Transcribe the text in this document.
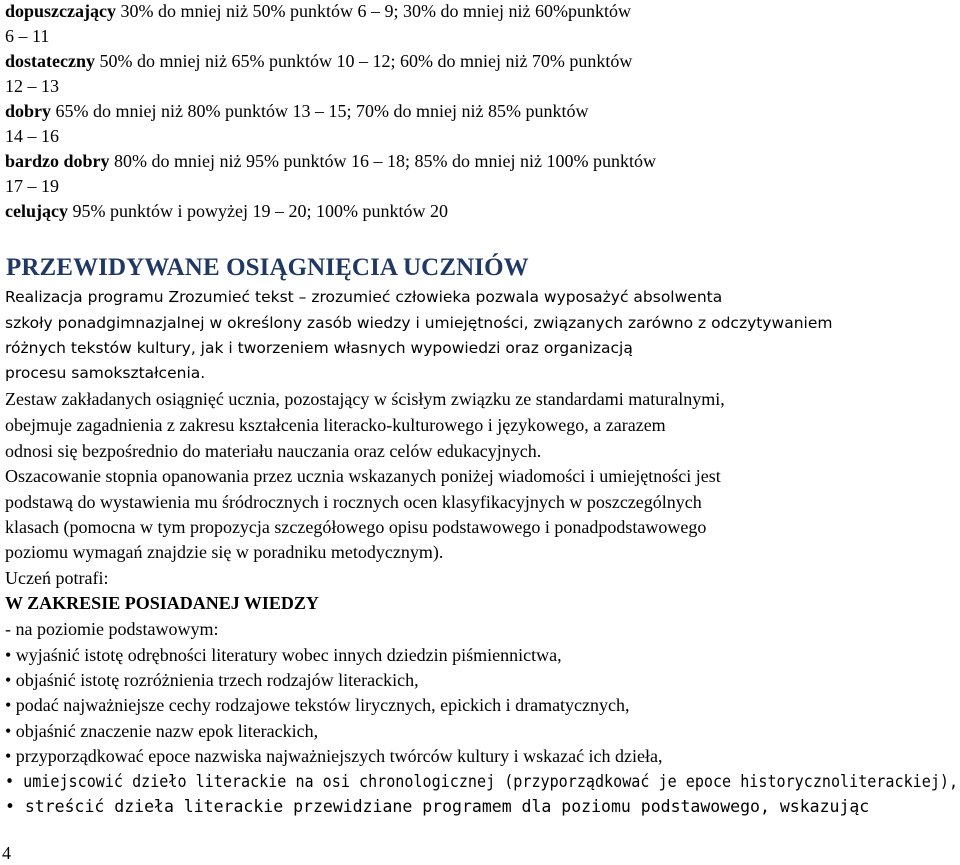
dopuszczający 30% do mniej niż 50% punktów 6 – 9; 30% do mniej niż 60%punktów
6 – 11
dostateczny 50% do mniej niż 65% punktów 10 – 12; 60% do mniej niż 70% punktów
12 – 13
dobry 65% do mniej niż 80% punktów 13 – 15; 70% do mniej niż 85% punktów
14 – 16
bardzo dobry 80% do mniej niż 95% punktów 16 – 18; 85% do mniej niż 100% punktów
17 – 19
celujący 95% punktów i powyżej 19 – 20; 100% punktów 20
PRZEWIDYWANE OSIĄGNIĘCIA UCZNIÓW
Realizacja programu Zrozumieć tekst – zrozumieć człowieka pozwala wyposażyć absolwenta
szkoły ponadgimnazjalnej w określony zasób wiedzy i umiejętności, związanych zarówno z odczytywaniem
różnych tekstów kultury, jak i tworzeniem własnych wypowiedzi oraz organizacją
procesu samokształcenia.
Zestaw zakładanych osiągnięć ucznia, pozostający w ścisłym związku ze standardami maturalnymi,
obejmuje zagadnienia z zakresu kształcenia literacko-kulturowego i językowego, a zarazem
odnosi się bezpośrednio do materiału nauczania oraz celów edukacyjnych.
Oszacowanie stopnia opanowania przez ucznia wskazanych poniżej wiadomości i umiejętności jest
podstawą do wystawienia mu śródrocznych i rocznych ocen klasyfikacyjnych w poszczególnych
klasach (pomocna w tym propozycja szczegółowego opisu podstawowego i ponadpodstawowego
poziomu wymagań znajdzie się w poradniku metodycznym).
Uczeń potrafi:
W ZAKRESIE POSIADANEJ WIEDZY
- na poziomie podstawowym:
• wyjaśnić istotę odrębności literatury wobec innych dziedzin piśmiennictwa,
• objaśnić istotę rozróżnienia trzech rodzajów literackich,
• podać najważniejsze cechy rodzajowe tekstów lirycznych, epickich i dramatycznych,
• objaśnić znaczenie nazw epok literackich,
• przyporządkować epoce nazwiska najważniejszych twórców kultury i wskazać ich dzieła,
• umiejscowić dzieło literackie na osi chronologicznej (przyporządkować je epoce historycznoliterackiej),
• streścić dzieła literackie przewidziane programem dla poziomu podstawowego, wskazując
4
